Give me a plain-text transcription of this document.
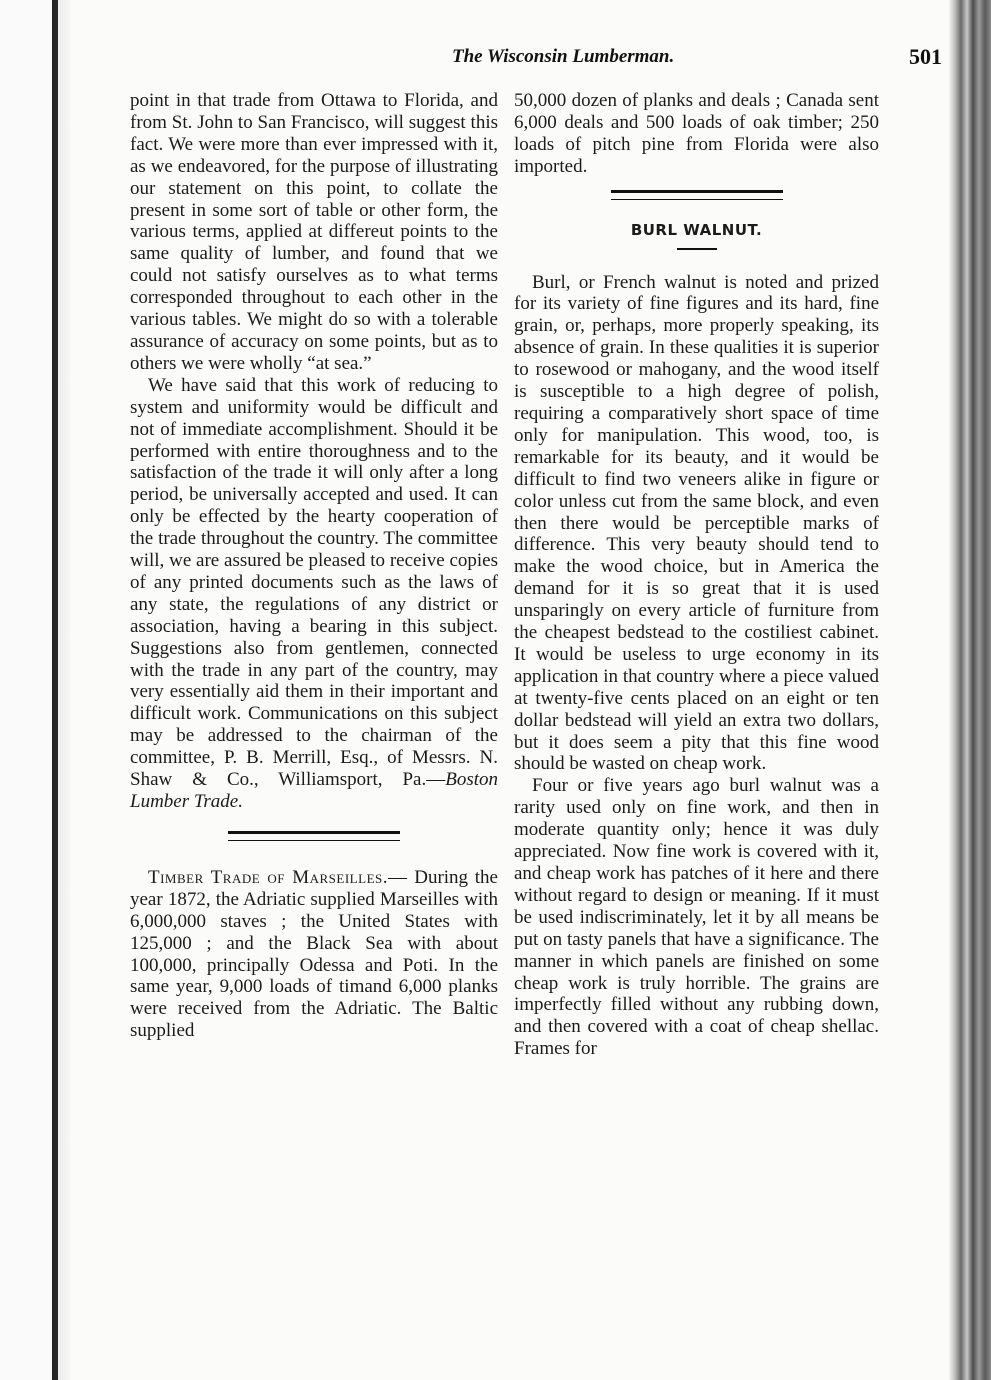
The Wisconsin Lumberman.	501

point in that trade from Ottawa to Florida, and from St. John to San Francisco, will suggest this fact. We were more than ever impressed with it, as we endeavored, for the purpose of illustrating our statement on this point, to collate the present in some sort of table or other form, the various terms, applied at differeut points to the same quality of lumber, and found that we could not satisfy ourselves as to what terms corresponded throughout to each other in the various tables. We might do so with a tolerable assurance of accuracy on some points, but as to others we were wholly “at sea.”

We have said that this work of reducing to system and uniformity would be difficult and not of immediate accomplishment. Should it be performed with entire thoroughness and to the satisfaction of the trade it will only after a long period, be universally accepted and used. It can only be effected by the hearty cooperation of the trade throughout the country. The committee will, we are assured be pleased to receive copies of any printed documents such as the laws of any state, the regulations of any district or association, having a bearing in this subject. Suggestions also from gentlemen, connected with the trade in any part of the country, may very essentially aid them in their important and difficult work. Communications on this subject may be addressed to the chairman of the committee, P. B. Merrill, Esq., of Messrs. N. Shaw & Co., Williamsport, Pa.—Boston Lumber Trade.

Timber Trade of Marseilles.— During the year 1872, the Adriatic supplied Marseilles with 6,000,000 staves ; the United States with 125,000 ; and the Black Sea with about 100,000, principally Odessa and Poti. In the same year, 9,000 loads of timand 6,000 planks were received from the Adriatic. The Baltic supplied

50,000 dozen of planks and deals ; Canada sent 6,000 deals and 500 loads of oak timber; 250 loads of pitch pine from Florida were also imported.

BURL WALNUT.

Burl, or French walnut is noted and prized for its variety of fine figures and its hard, fine grain, or, perhaps, more properly speaking, its absence of grain. In these qualities it is superior to rosewood or mahogany, and the wood itself is susceptible to a high degree of polish, requiring a comparatively short space of time only for manipulation. This wood, too, is remarkable for its beauty, and it would be difficult to find two veneers alike in figure or color unless cut from the same block, and even then there would be perceptible marks of difference. This very beauty should tend to make the wood choice, but in America the demand for it is so great that it is used unsparingly on every article of furniture from the cheapest bedstead to the costiliest cabinet. It would be useless to urge economy in its application in that country where a piece valued at twenty-five cents placed on an eight or ten dollar bedstead will yield an extra two dollars, but it does seem a pity that this fine wood should be wasted on cheap work.

Four or five years ago burl walnut was a rarity used only on fine work, and then in moderate quantity only; hence it was duly appreciated. Now fine work is covered with it, and cheap work has patches of it here and there without regard to design or meaning. If it must be used indiscriminately, let it by all means be put on tasty panels that have a significance. The manner in which panels are finished on some cheap work is truly horrible. The grains are imperfectly filled without any rubbing down, and then covered with a coat of cheap shellac. Frames for
